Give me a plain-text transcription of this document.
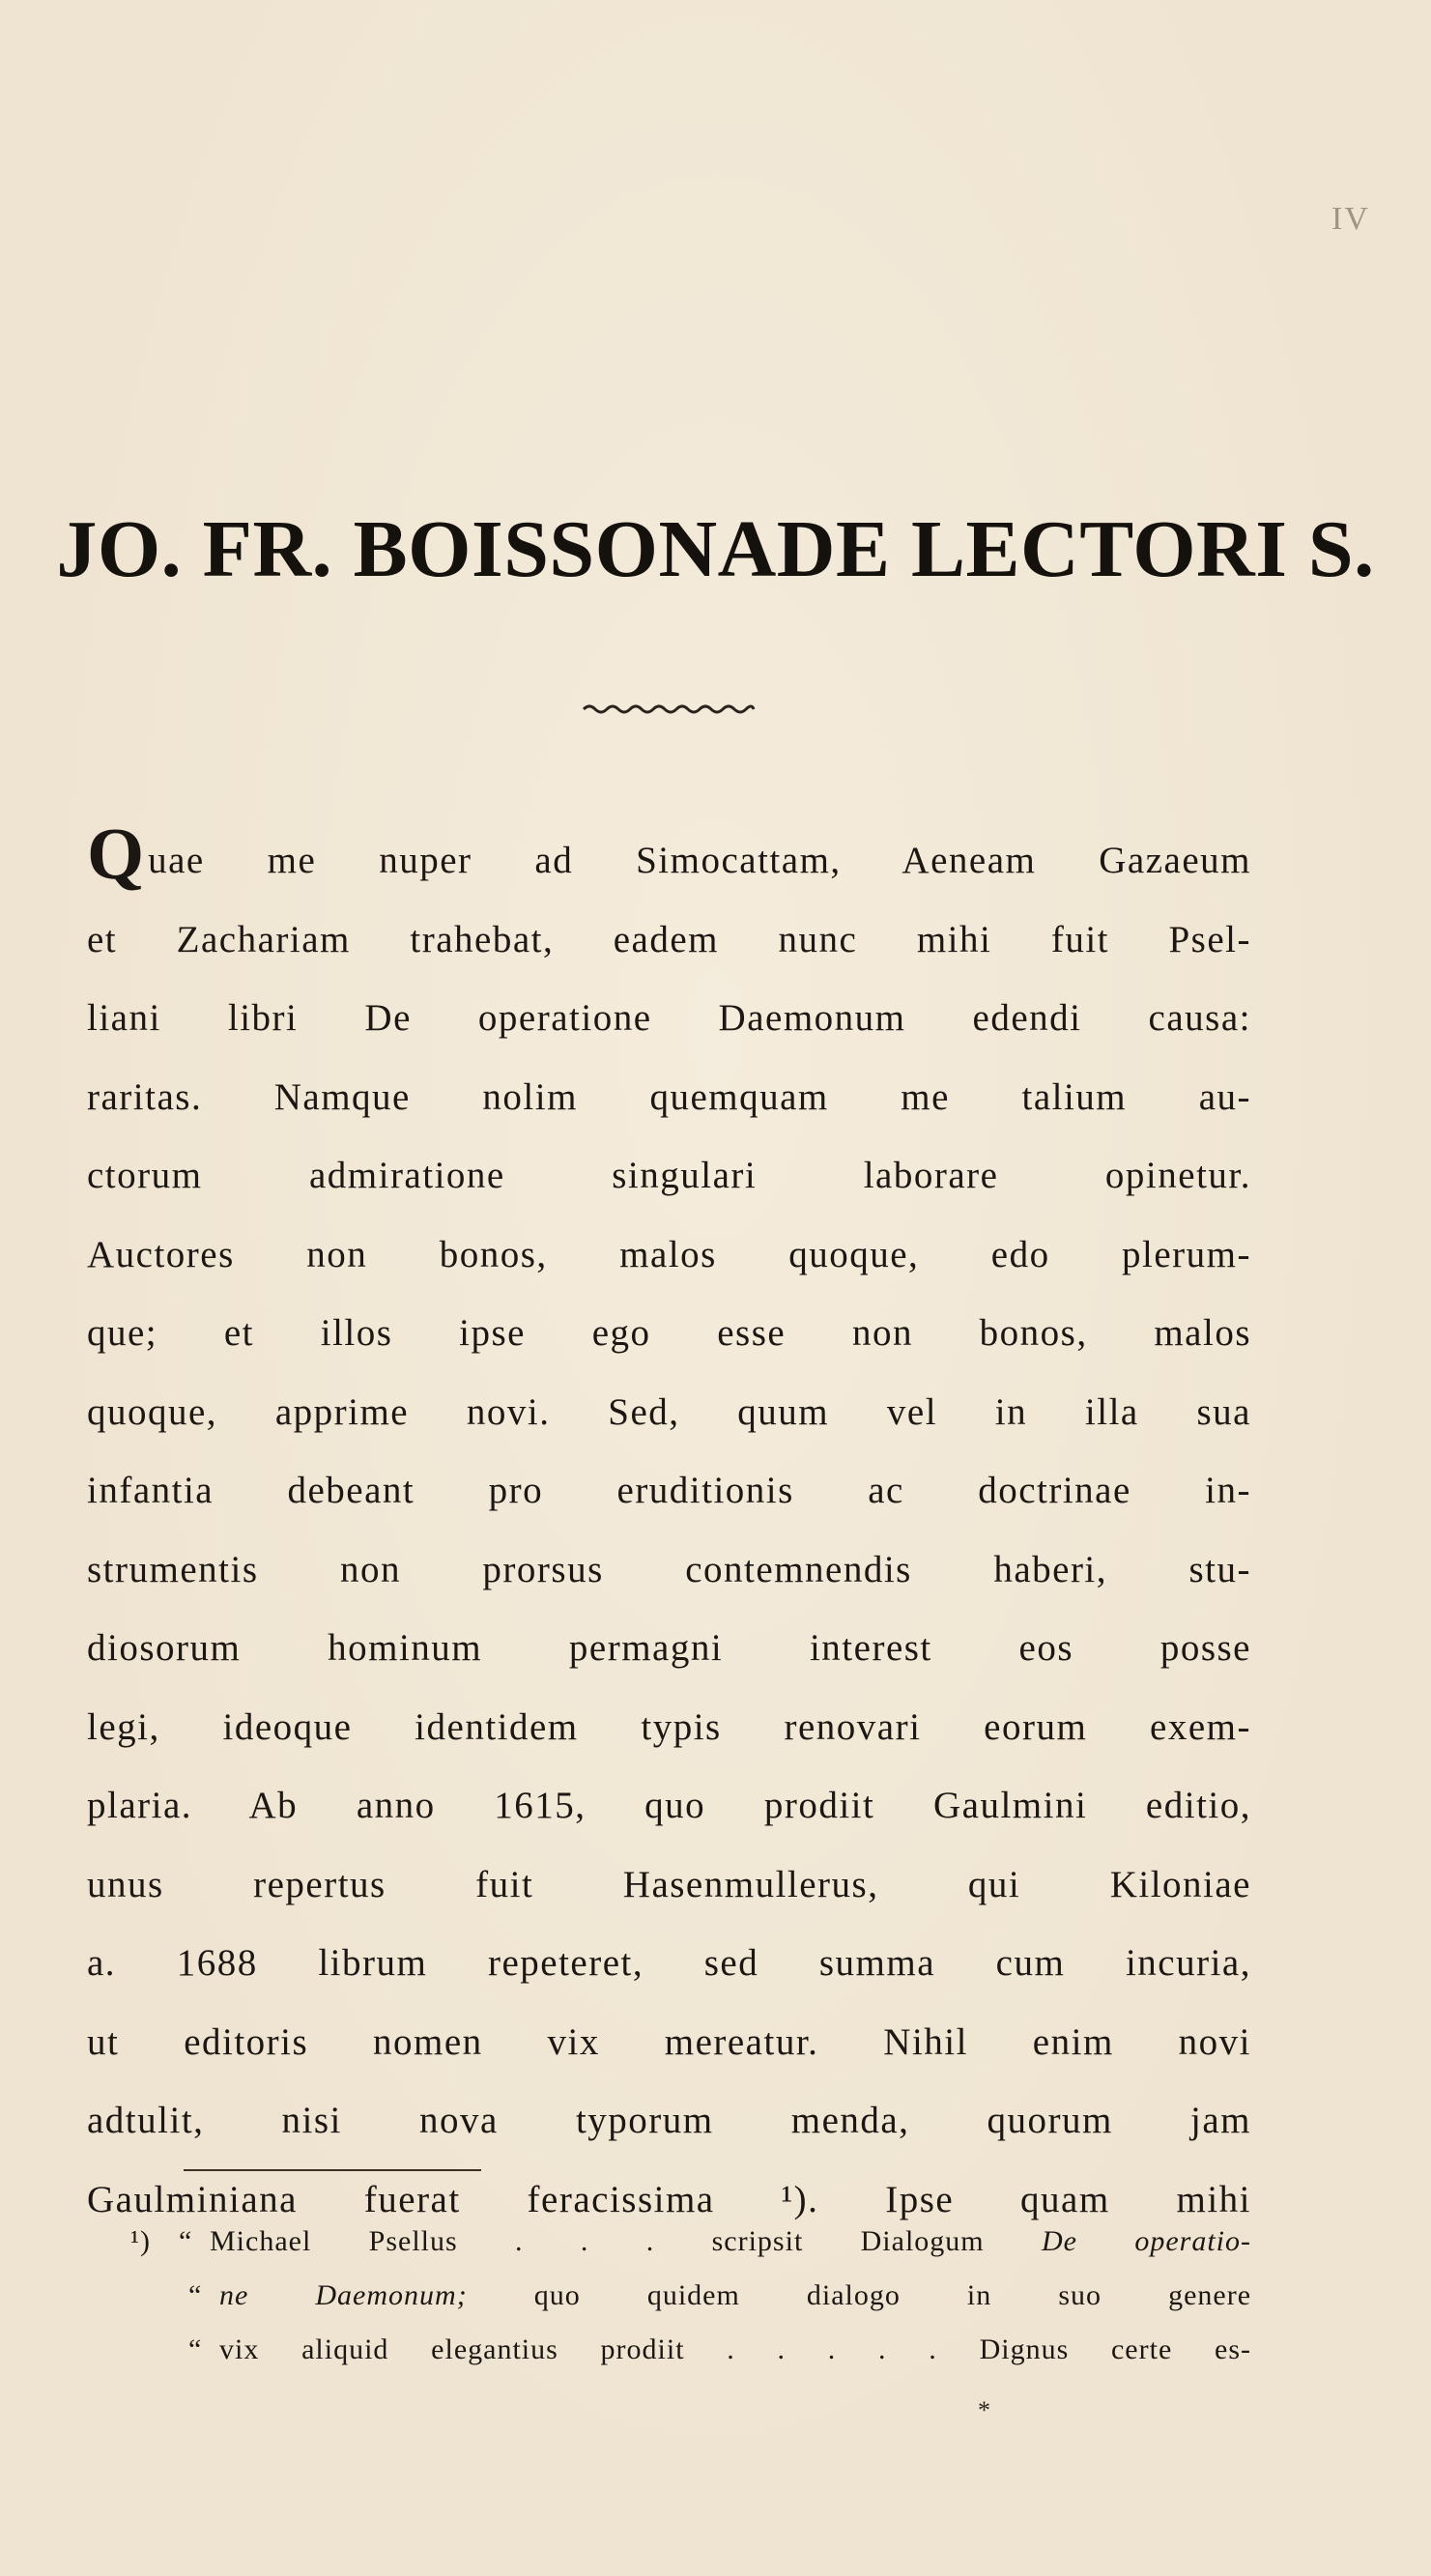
IV
JO. FR. BOISSONADE LECTORI S.
Q uae me nuper ad Simocattam, Aeneam Gazaeum
et Zachariam trahebat, eadem nunc mihi fuit Psel-
liani libri De operatione Daemonum edendi causa:
raritas. Namque nolim quemquam me talium au-
ctorum admiratione singulari laborare opinetur.
Auctores non bonos, malos quoque, edo plerum-
que; et illos ipse ego esse non bonos, malos
quoque, apprime novi. Sed, quum vel in illa sua
infantia debeant pro eruditionis ac doctrinae in-
strumentis non prorsus contemnendis haberi, stu-
diosorum hominum permagni interest eos posse
legi, ideoque identidem typis renovari eorum exem-
plaria. Ab anno 1615, quo prodiit Gaulmini editio,
unus repertus fuit Hasenmullerus, qui Kiloniae
a. 1688 librum repeteret, sed summa cum incuria,
ut editoris nomen vix mereatur. Nihil enim novi
adtulit, nisi nova typorum menda, quorum jam
Gaulminiana fuerat feracissima ¹). Ipse quam mihi
¹) “ Michael Psellus . . . scripsit Dialogum De operatio-
“ ne Daemonum; quo quidem dialogo in suo genere
“ vix aliquid elegantius prodiit . . . . . Dignus certe es-
*
